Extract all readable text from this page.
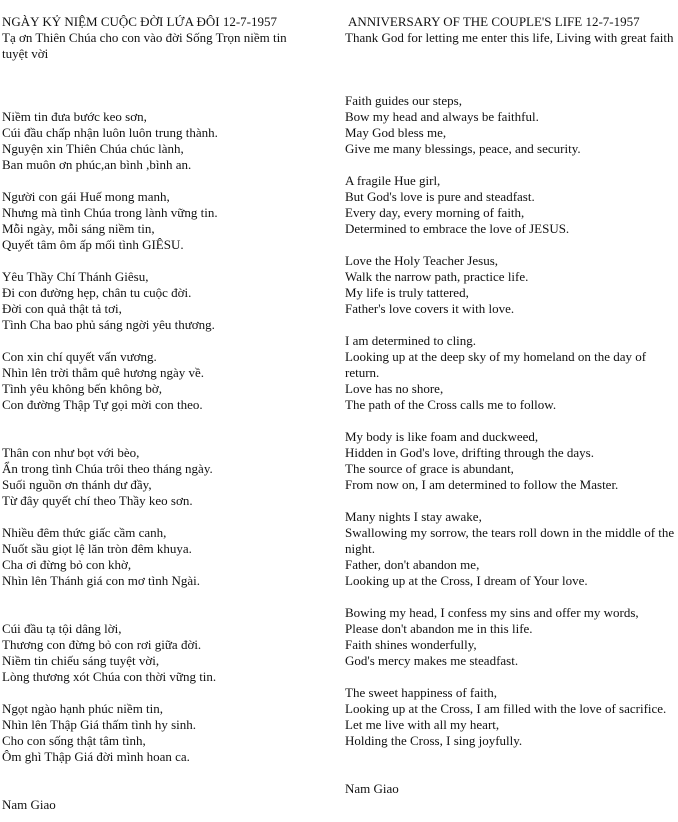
NGÀY KỶ NIỆM CUỘC ĐỜI LỨA ĐÔI 12-7-1957

Tạ ơn Thiên Chúa cho con vào đời Sống Trọn niềm tin tuyệt vời

Niềm tin đưa bước keo sơn,
Cúi đầu chấp nhận luôn luôn trung thành.
Nguyện xin Thiên Chúa chúc lành,
Ban muôn ơn phúc,an bình ,bình an.

Người con gái Huế mong manh,
Nhưng mà tình Chúa trong lành vững tin.
Mỗi ngày, mỗi sáng niềm tin,
Quyết tâm ôm ấp mối tình GIÊSU.

Yêu Thầy Chí Thánh Giêsu,
Đi con đường hẹp, chân tu cuộc đời.
Đời con quả thật tả tơi,
Tình Cha bao phủ sáng ngời yêu thương.

Con xin chí quyết vấn vương.
Nhìn lên trời thẳm quê hương ngày về.
Tình yêu không bến không bờ,
Con đường Thập Tự gọi mời con theo.

Thân con như bọt với bèo,
Ẩn trong tình Chúa trôi theo tháng ngày.
Suối nguồn ơn thánh dư đầy,
Từ đây quyết chí theo Thầy keo sơn.

Nhiều đêm thức giấc cầm canh,
Nuốt sầu giọt lệ lăn tròn đêm khuya.
Cha ơi đừng bỏ con khờ,
Nhìn lên Thánh giá con mơ tình Ngài.

Cúi đầu tạ tội dâng lời,
Thương con đừng bỏ con rơi giữa đời.
Niềm tin chiếu sáng tuyệt vời,
Lòng thương xót Chúa con thời vững tin.

Ngọt ngào hạnh phúc niềm tin,
Nhìn lên Thập Giá thấm tình hy sinh.
Cho con sống thật tâm tình,
Ôm ghì Thập Giá đời mình hoan ca.

Nam Giao

ANNIVERSARY OF THE COUPLE'S LIFE 12-7-1957

Thank God for letting me enter this life, Living with great faith

Faith guides our steps,
Bow my head and always be faithful.
May God bless me,
Give me many blessings, peace, and security.

A fragile Hue girl,
But God's love is pure and steadfast.
Every day, every morning of faith,
Determined to embrace the love of JESUS.

Love the Holy Teacher Jesus,
Walk the narrow path, practice life.
My life is truly tattered,
Father's love covers it with love.

I am determined to cling.
Looking up at the deep sky of my homeland on the day of return.
Love has no shore,
The path of the Cross calls me to follow.

My body is like foam and duckweed,
Hidden in God's love, drifting through the days.
The source of grace is abundant,
From now on, I am determined to follow the Master.

Many nights I stay awake,
Swallowing my sorrow, the tears roll down in the middle of the night.
Father, don't abandon me,
Looking up at the Cross, I dream of Your love.

Bowing my head, I confess my sins and offer my words,
Please don't abandon me in this life.
Faith shines wonderfully,
God's mercy makes me steadfast.

The sweet happiness of faith,
Looking up at the Cross, I am filled with the love of sacrifice.
Let me live with all my heart,
Holding the Cross, I sing joyfully.

Nam Giao
